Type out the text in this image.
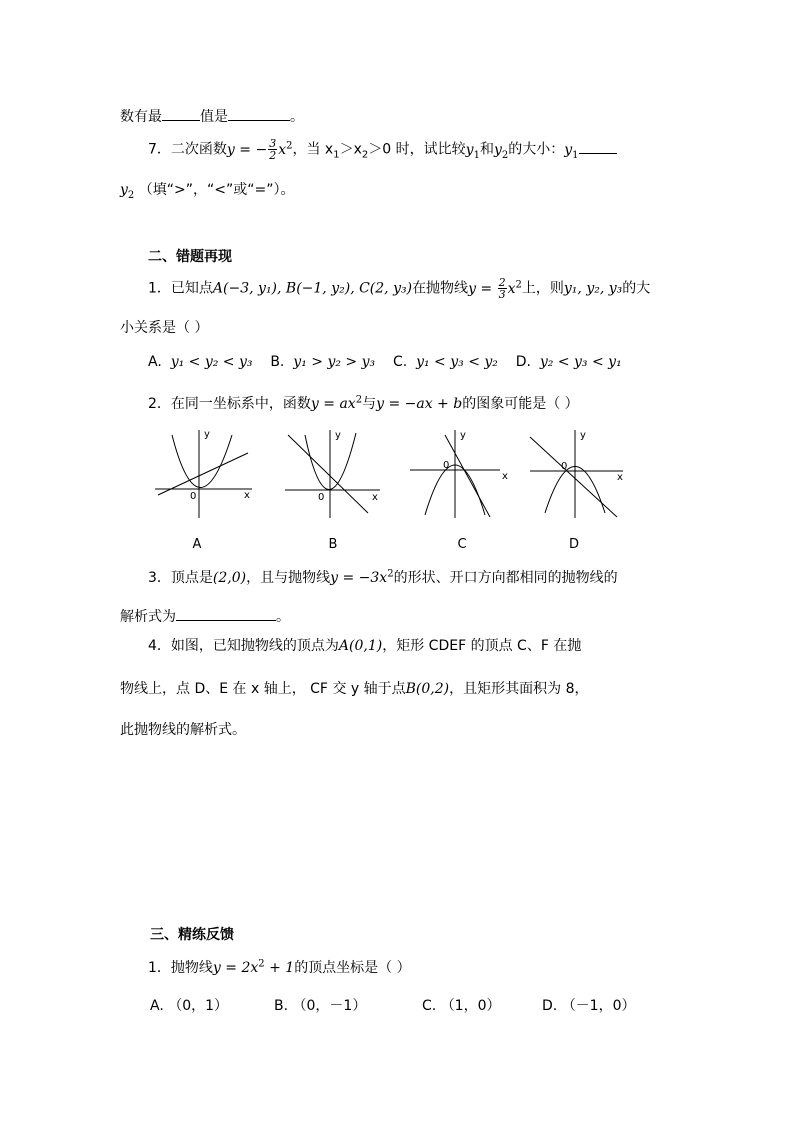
数有最	值是	。
7．二次函数y = − $\frac{3}{2} x^2$，当 $x_1>x_2>0$ 时，试比较$y_1$和$y_2$的大小：$y_1$
$y_2$ （填“>”，“<”或“=”）。
二、错题再现
1．已知点A(−3, y₁), B(−1, y₂), C(2, y₃)在抛物线$y = \frac{2}{3} x^2$上，则y₁, y₂, y₃的大
小关系是（ ）
A. y₁ < y₂ < y₃ B. y₁ > y₂ > y₃ C. y₁ < y₃ < y₂ D. y₂ < y₃ < y₁
2．在同一坐标系中，函数$y = ax^2$与y = −ax + b的图象可能是（ ）
y
x
0
y
x
0
y
x
0
y
x
0
A	B	C	D
3．顶点是(2,0)，且与抛物线$y = -3x^2$的形状、开口方向都相同的抛物线的
解析式为	。
4．如图，已知抛物线的顶点为A(0,1)，矩形 CDEF 的顶点 C、F 在抛
物线上，点 D、E 在 x 轴上， CF 交 y 轴于点B(0,2)，且矩形其面积为 8，
此抛物线的解析式。
三、精练反馈
1．抛物线$y = 2x^2 + 1$的顶点坐标是（ ）
A. （0，1）	B. （0，－1）	C. （1，0）	D. （－1，0）
